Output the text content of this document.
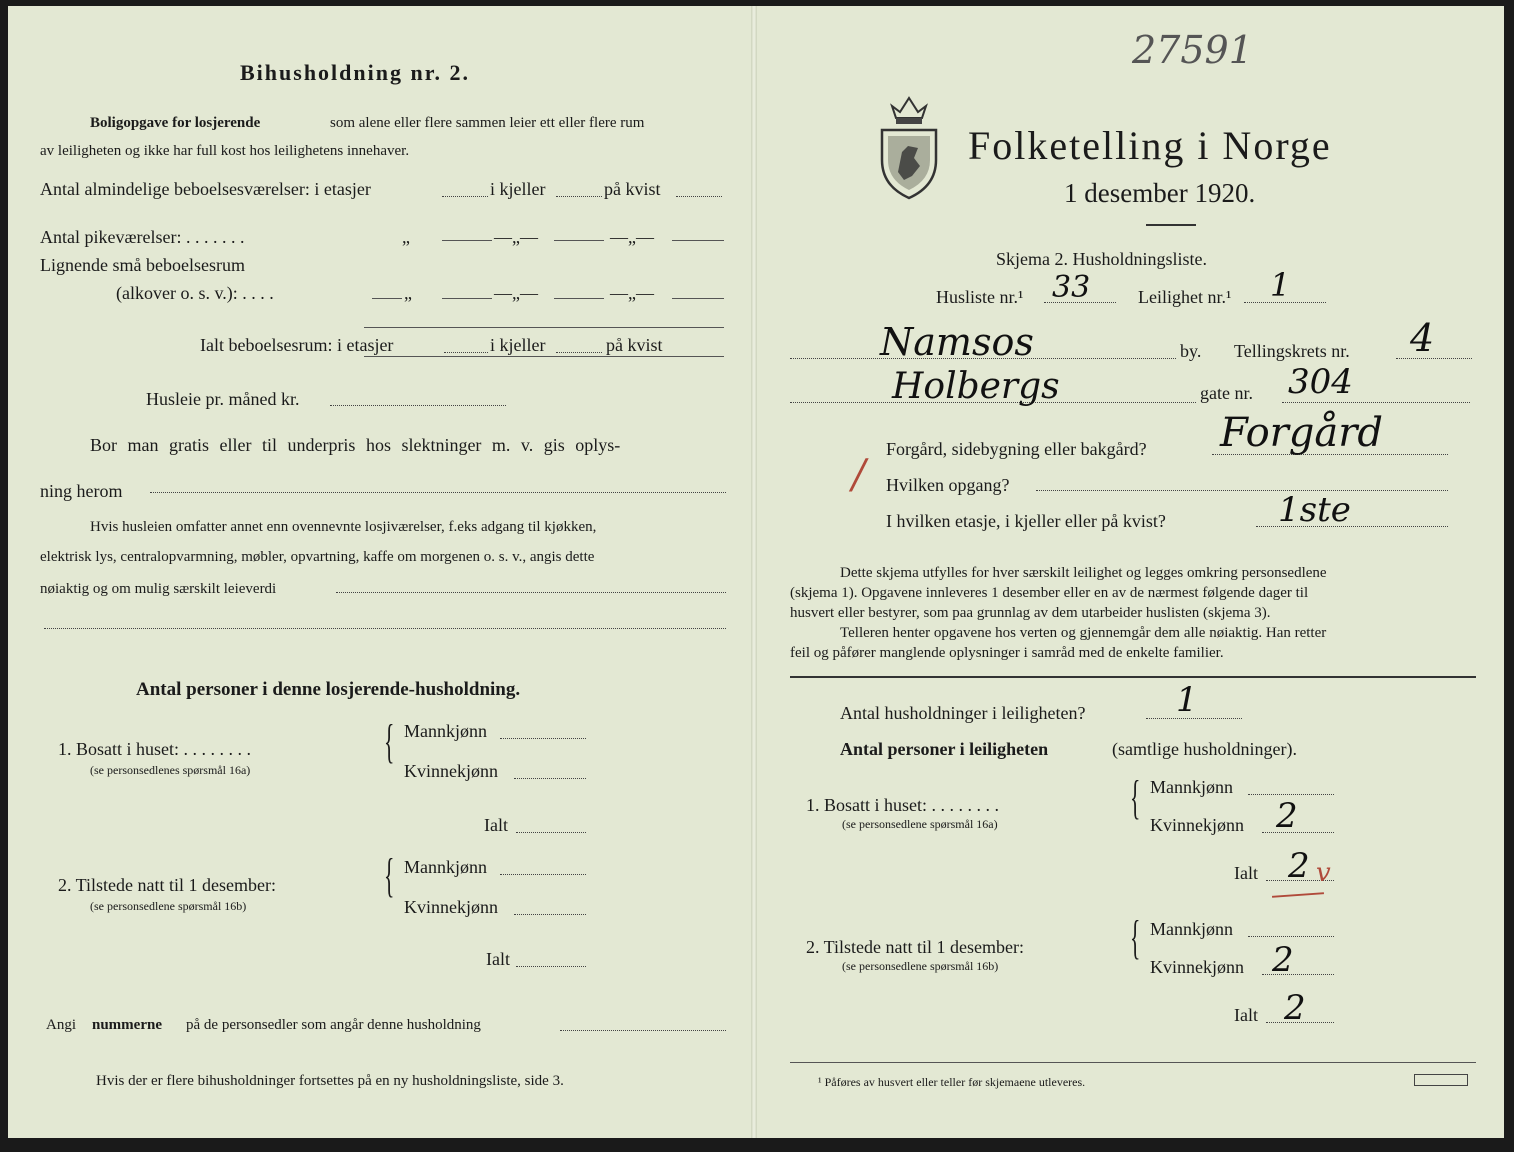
27591
Bihusholdning nr. 2.
Boligopgave for losjerende	som alene eller flere sammen leier ett eller flere rum
av leiligheten og ikke har full kost hos leilighetens innehaver.
Antal almindelige beboelsesværelser: i etasjer	i kjeller	på kvist
Antal pikeværelser: . . . . . . .	„	—„—	—„—
Lignende små beboelsesrum
(alkover o. s. v.): . . . .	„	—„—	—„—
Ialt beboelsesrum: i etasjer	i kjeller	på kvist
Husleie pr. måned kr.
Bor man gratis eller til underpris hos slektninger m. v. gis oplys-
ning herom
Hvis husleien omfatter annet enn ovennevnte losjiværelser, f.eks adgang til kjøkken,
elektrisk lys, centralopvarmning, møbler, opvartning, kaffe om morgenen o. s. v., angis dette
nøiaktig og om mulig særskilt leieverdi
Antal personer i denne losjerende-husholdning.
1. Bosatt i huset: . . . . . . . .
(se personsedlenes spørsmål 16a)
{ Mannkjønn
Kvinnekjønn
Ialt
2. Tilstede natt til 1 desember:
(se personsedlene spørsmål 16b)
{ Mannkjønn
Kvinnekjønn
Ialt
Angi nummerne på de personsedler som angår denne husholdning
Hvis der er flere bihusholdninger fortsettes på en ny husholdningsliste, side 3.
Folketelling i Norge
1 desember 1920.
Skjema 2. Husholdningsliste.
Husliste nr.¹ 33	Leilighet nr.¹ 1
Namsos	by. Tellingskrets nr. 4
Holbergs	gate nr. 304
/
Forgård, sidebygning eller bakgård? Forgård
Hvilken opgang?
I hvilken etasje, i kjeller eller på kvist?	1ste
Dette skjema utfylles for hver særskilt leilighet og legges omkring personsedlene
(skjema 1). Opgavene innleveres 1 desember eller en av de nærmest følgende dager til
husvert eller bestyrer, som paa grunnlag av dem utarbeider huslisten (skjema 3).
Telleren henter opgavene hos verten og gjennemgår dem alle nøiaktig. Han retter
feil og påfører manglende oplysninger i samråd med de enkelte familier.
Antal husholdninger i leiligheten?	1
Antal personer i leiligheten	(samtlige husholdninger).
1. Bosatt i huset: . . . . . . . .
(se personsedlene spørsmål 16a)	{ Mannkjønn
Kvinnekjønn 2
Ialt 2 v
2. Tilstede natt til 1 desember:
(se personsedlene spørsmål 16b)
{ Mannkjønn
Kvinnekjønn 2
Ialt 2
¹ Påføres av husvert eller teller før skjemaene utleveres.
